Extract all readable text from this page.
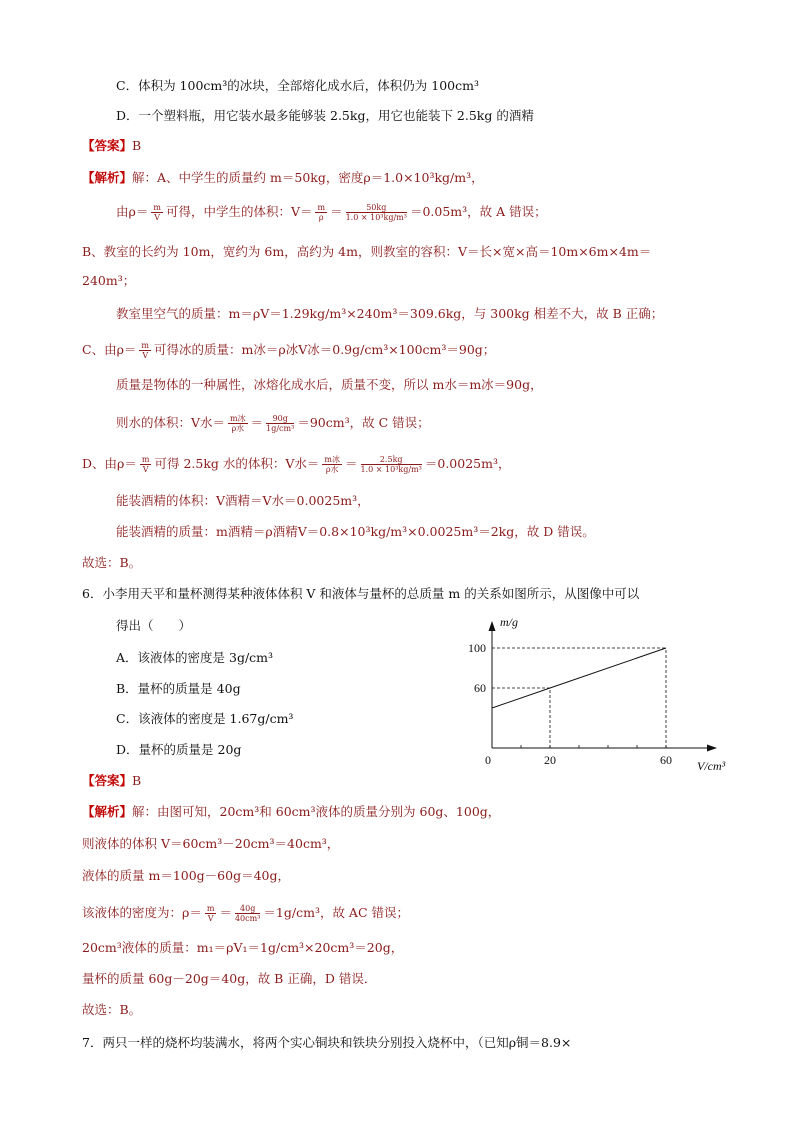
C．体积为 100cm³的冰块，全部熔化成水后，体积仍为 100cm³
D．一个塑料瓶，用它装水最多能够装 2.5kg，用它也能装下 2.5kg 的酒精
【答案】B
【解析】解：A、中学生的质量约 m＝50kg，密度ρ＝1.0×10³kg/m³，
由$\rho= \frac{m}{V}$ 可得，中学生的体积：$V= \frac{m}{\rho} = \frac{50kg}{\text{1.0 × 10³kg/m³}} =0.05m^3$，故 A 错误；
B、教室的长约为 10m，宽约为 6m，高约为 4m，则教室的容积：V＝长×宽×高＝10m×6m×4m＝
240m³；
教室里空气的质量：m＝ρV＝1.29kg/m³×240m³＝309.6kg，与 300kg 相差不大，故 B 正确；
C、由$\rho= \frac{m}{V}$ 可得冰的质量：m冰＝ρ冰V冰＝0.9g/cm³×100cm³＝90g；
质量是物体的一种属性，冰熔化成水后，质量不变，所以 m水＝m冰＝90g，
则水的体积：V水＝ $\frac{\text{m冰}}{\text{ρ水}} = \frac{90g}{\text{1g/cm³}} =90cm^3$，故 C 错误；
D、由$\rho= \frac{m}{V}$ 可得 2.5kg 水的体积：V水＝ $\frac{\text{m冰}}{\text{ρ水}} = \frac{2.5kg}{\text{1.0 × 10³kg/m³}} =0.0025m^3$，
能装酒精的体积：V酒精＝V水＝0.0025m³，
能装酒精的质量：m酒精＝ρ酒精V＝0.8×10³kg/m³×0.0025m³＝2kg，故 D 错误。
故选：B。
6．小李用天平和量杯测得某种液体体积 V 和液体与量杯的总质量 m 的关系如图所示，从图像中可以
得出（　　）
A．该液体的密度是 3g/cm³
B．量杯的质量是 40g
C．该液体的密度是 1.67g/cm³
D．量杯的质量是 20g
0	20	60
60
100
m/g
V/cm³
【答案】B
【解析】解：由图可知，20cm³和 60cm³液体的质量分别为 60g、100g，
则液体的体积 V＝60cm³－20cm³＝40cm³，
液体的质量 m＝100g－60g＝40g，
该液体的密度为：$\rho= \frac{m}{V} = \frac{40g}{\text{40cm³}} =1g/cm^3$，故 AC 错误；
20cm³液体的质量：m₁＝ρV₁＝1g/cm³×20cm³＝20g，
量杯的质量 60g－20g＝40g，故 B 正确，D 错误．
故选：B。
7．两只一样的烧杯均装满水，将两个实心铜块和铁块分别投入烧杯中，（已知ρ铜＝8.9×
